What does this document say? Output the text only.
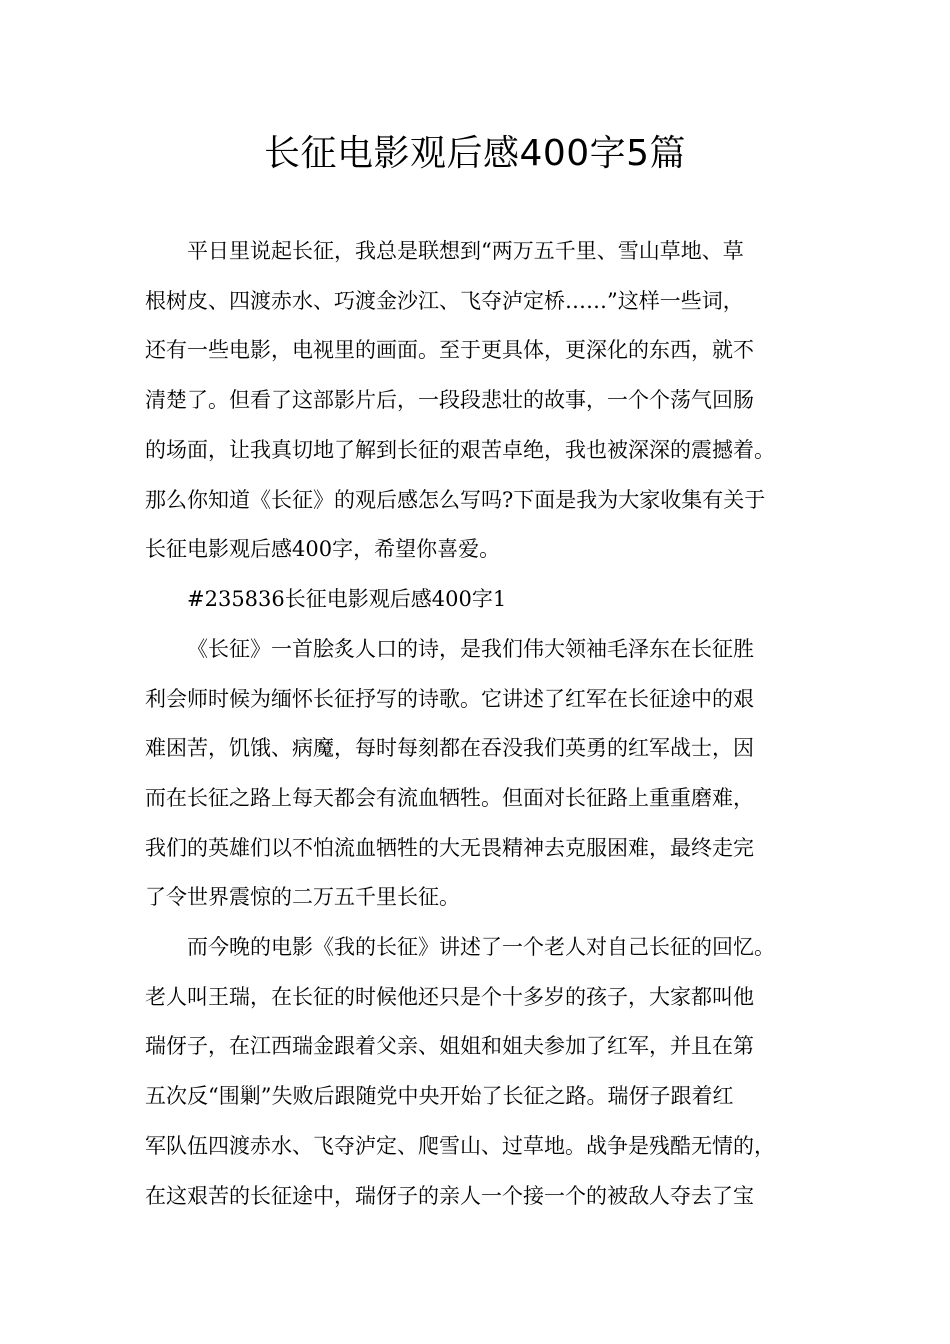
长征电影观后感400字5篇
平日里说起长征，我总是联想到“两万五千里、雪山草地、草
根树皮、四渡赤水、巧渡金沙江、飞夺泸定桥……”这样一些词，
还有一些电影，电视里的画面。至于更具体，更深化的东西，就不
清楚了。但看了这部影片后，一段段悲壮的故事，一个个荡气回肠
的场面，让我真切地了解到长征的艰苦卓绝，我也被深深的震撼着。
那么你知道《长征》的观后感怎么写吗?下面是我为大家收集有关于
长征电影观后感400字，希望你喜爱。
#235836长征电影观后感400字1
《长征》一首脍炙人口的诗，是我们伟大领袖毛泽东在长征胜
利会师时候为缅怀长征抒写的诗歌。它讲述了红军在长征途中的艰
难困苦，饥饿、病魔，每时每刻都在吞没我们英勇的红军战士，因
而在长征之路上每天都会有流血牺牲。但面对长征路上重重磨难，
我们的英雄们以不怕流血牺牲的大无畏精神去克服困难，最终走完
了令世界震惊的二万五千里长征。
而今晚的电影《我的长征》讲述了一个老人对自己长征的回忆。
老人叫王瑞，在长征的时候他还只是个十多岁的孩子，大家都叫他
瑞伢子，在江西瑞金跟着父亲、姐姐和姐夫参加了红军，并且在第
五次反“围剿”失败后跟随党中央开始了长征之路。瑞伢子跟着红
军队伍四渡赤水、飞夺泸定、爬雪山、过草地。战争是残酷无情的，
在这艰苦的长征途中，瑞伢子的亲人一个接一个的被敌人夺去了宝
